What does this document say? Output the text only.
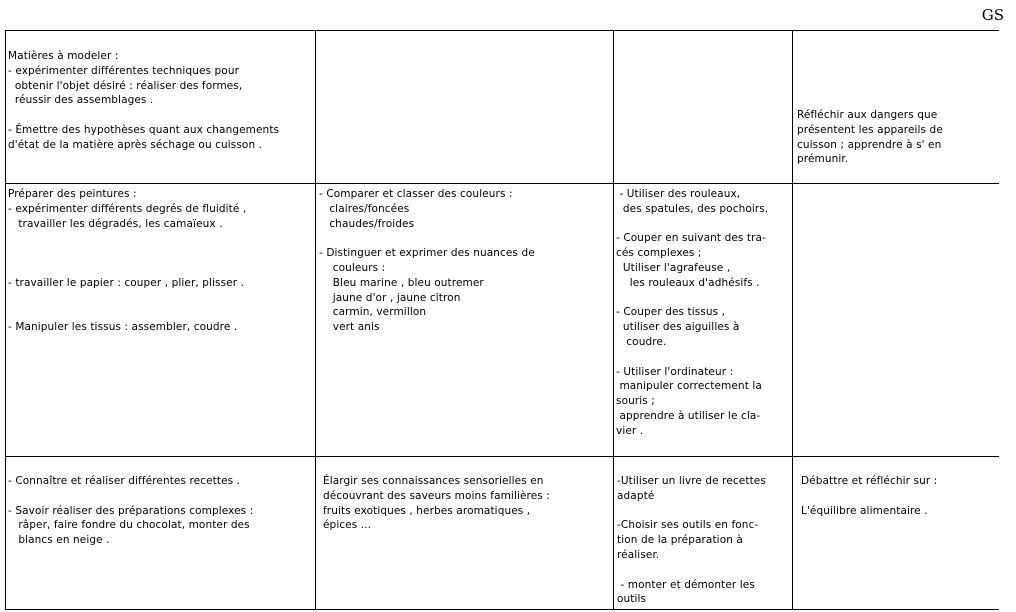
GS
Matières à modeler :
- expérimenter différentes techniques pour
obtenir l'objet désiré : réaliser des formes,
réussir des assemblages .

- Émettre des hypothèses quant aux changements
d'état de la matière après séchage ou cuisson .
Réfléchir aux dangers que
présentent les appareils de
cuisson ; apprendre à s' en
prémunir.
Préparer des peintures :
- expérimenter différents degrés de fluidité ,
travailler les dégradés, les camaïeux .

- travailler le papier : couper , plier, plisser .

- Manipuler les tissus : assembler, coudre .
- Comparer et classer des couleurs :
claires/foncées
chaudes/froides

- Distinguer et exprimer des nuances de
couleurs :
Bleu marine , bleu outremer
jaune d'or , jaune citron
carmin, vermillon
vert anis
- Utiliser des rouleaux,
des spatules, des pochoirs.

- Couper en suivant des tra-
cés complexes ;
Utiliser l'agrafeuse ,
les rouleaux d'adhésifs .

- Couper des tissus ,
utiliser des aiguilles à
coudre.

- Utiliser l'ordinateur :
manipuler correctement la
souris ;
apprendre à utiliser le cla-
vier .
- Connaître et réaliser différentes recettes .

- Savoir réaliser des préparations complexes :
râper, faire fondre du chocolat, monter des
blancs en neige .
Élargir ses connaissances sensorielles en
découvrant des saveurs moins familières :
fruits exotiques , herbes aromatiques ,
épices ...
-Utiliser un livre de recettes
adapté

-Choisir ses outils en fonc-
tion de la préparation à
réaliser.

- monter et démonter les
outils
Débattre et réfléchir sur :

L'équilibre alimentaire .
